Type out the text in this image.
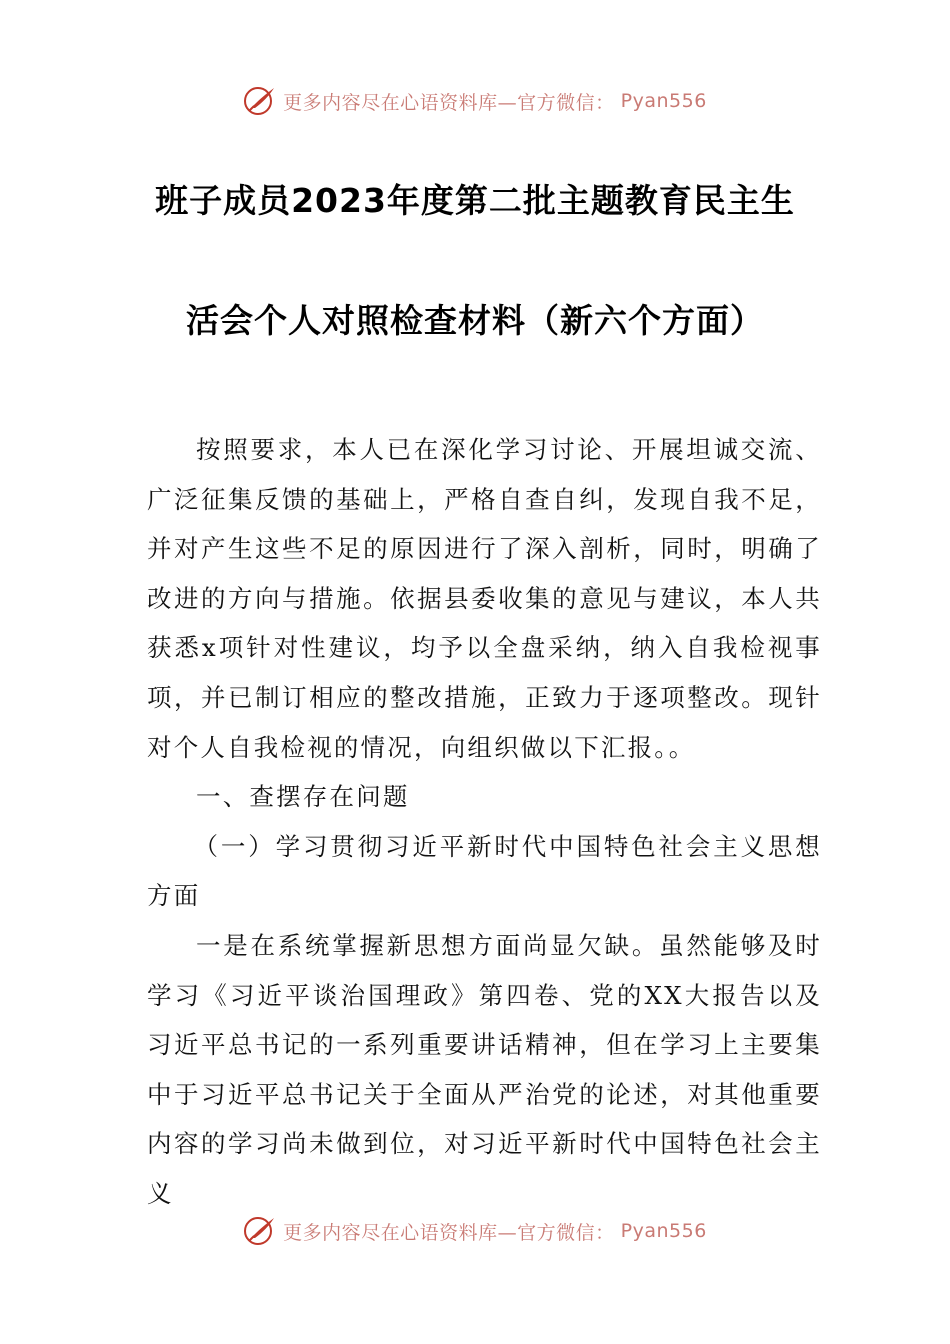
更多内容尽在心语资料库—官方微信： Pyan556
班子成员2023年度第二批主题教育民主生
活会个人对照检查材料（新六个方面）

按照要求，本人已在深化学习讨论、开展坦诚交流、广泛征集反馈的基础上，严格自查自纠，发现自我不足，并对产生这些不足的原因进行了深入剖析，同时，明确了改进的方向与措施。依据县委收集的意见与建议，本人共获悉x项针对性建议，均予以全盘采纳，纳入自我检视事项，并已制订相应的整改措施，正致力于逐项整改。现针对个人自我检视的情况，向组织做以下汇报。。

一、查摆存在问题

（一）学习贯彻习近平新时代中国特色社会主义思想方面

一是在系统掌握新思想方面尚显欠缺。虽然能够及时学习《习近平谈治国理政》第四卷、党的XX大报告以及习近平总书记的一系列重要讲话精神，但在学习上主要集中于习近平总书记关于全面从严治党的论述，对其他重要内容的学习尚未做到位，对习近平新时代中国特色社会主义

更多内容尽在心语资料库—官方微信： Pyan556
